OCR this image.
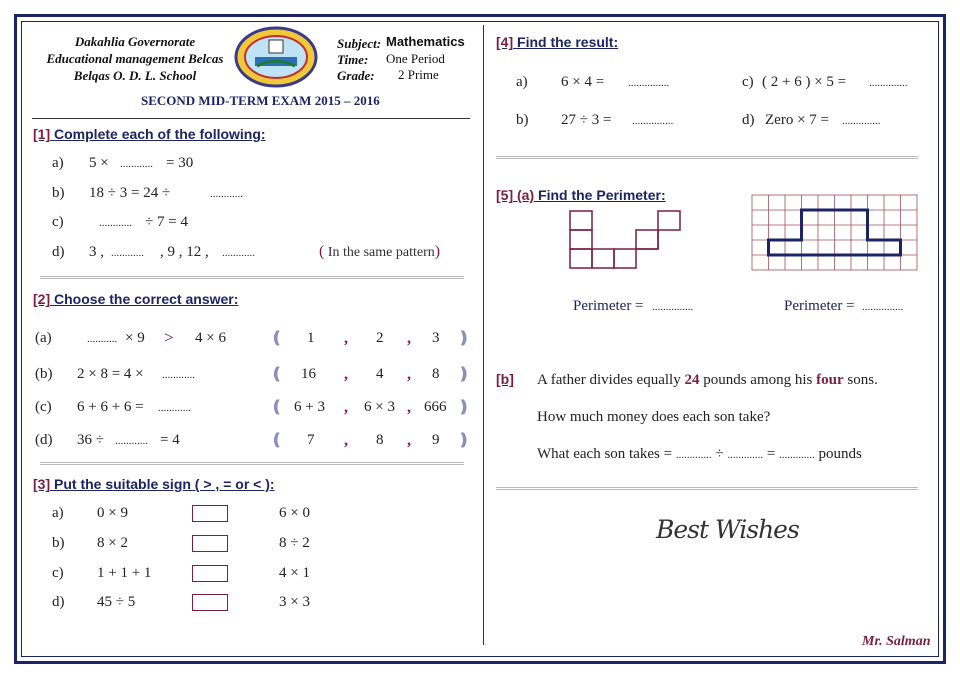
Dakahlia Governorate
Educational management Belcas
Belqas O. D. L. School
Subject: Mathematics
Time: One Period
Grade: 2 Prime
SECOND MID-TERM EXAM 2015 – 2016
[1] Complete each of the following:
a) 5 × ............ = 30
b) 18 ÷ 3 = 24 ÷	............
c)	............ ÷ 7 = 4
d) 3 , ............ , 9 , 12 , ............	( In the same pattern)
[2] Choose the correct answer:
(a)	........... × 9 > 4 × 6	❪ 1 , 2 , 3 ❫
(b) 2 × 8 = 4 × ............	❪ 16 , 4 , 8 ❫
(c) 6 + 6 + 6 = ............	❪ 6 + 3 , 6 × 3 , 666 ❫
(d) 36 ÷ ............ = 4	❪ 7 , 8 , 9 ❫
[3] Put the suitable sign ( > , = or < ):
a) 0 × 9	6 × 0
b) 8 × 2	8 ÷ 2
c) 1 + 1 + 1	4 × 1
d) 45 ÷ 5	3 × 3
[4] Find the result:
a) 6 × 4 = ...............	c) ( 2 + 6 ) × 5 = ..............
b) 27 ÷ 3 = ...............	d) Zero × 7 = ..............
[5] (a) Find the Perimeter:
Perimeter = ...............	Perimeter = ...............
[b] A father divides equally 24 pounds among his four sons.
How much money does each son take?
What each son takes = ............. ÷ ............. = ............. pounds
Best Wishes
Mr. Salman
